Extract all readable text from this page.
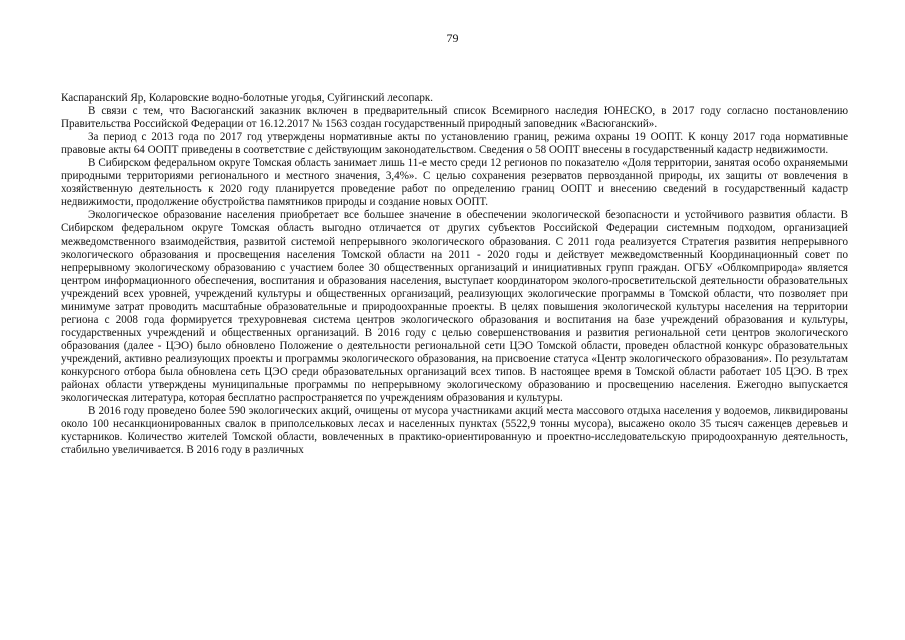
79

Каспаранский Яр, Коларовские водно-болотные угодья, Суйгинский лесопарк.

В связи с тем, что Васюганский заказник включен в предварительный список Всемирного наследия ЮНЕСКО, в 2017 году согласно постановлению Правительства Российской Федерации от 16.12.2017 № 1563 создан государственный природный заповедник «Васюганский».

За период с 2013 года по 2017 год утверждены нормативные акты по установлению границ, режима охраны 19 ООПТ. К концу 2017 года нормативные правовые акты 64 ООПТ приведены в соответствие с действующим законодательством. Сведения о 58 ООПТ внесены в государственный кадастр недвижимости.

В Сибирском федеральном округе Томская область занимает лишь 11-е место среди 12 регионов по показателю «Доля территории, занятая особо охраняемыми природными территориями регионального и местного значения, 3,4%». С целью сохранения резерватов первозданной природы, их защиты от вовлечения в хозяйственную деятельность к 2020 году планируется проведение работ по определению границ ООПТ и внесению сведений в государственный кадастр недвижимости, продолжение обустройства памятников природы и создание новых ООПТ.

Экологическое образование населения приобретает все большее значение в обеспечении экологической безопасности и устойчивого развития области. В Сибирском федеральном округе Томская область выгодно отличается от других субъектов Российской Федерации системным подходом, организацией межведомственного взаимодействия, развитой системой непрерывного экологического образования. С 2011 года реализуется Стратегия развития непрерывного экологического образования и просвещения населения Томской области на 2011 - 2020 годы и действует межведомственный Координационный совет по непрерывному экологическому образованию с участием более 30 общественных организаций и инициативных групп граждан. ОГБУ «Облкомприрода» является центром информационного обеспечения, воспитания и образования населения, выступает координатором эколого-просветительской деятельности образовательных учреждений всех уровней, учреждений культуры и общественных организаций, реализующих экологические программы в Томской области, что позволяет при минимуме затрат проводить масштабные образовательные и природоохранные проекты. В целях повышения экологической культуры населения на территории региона с 2008 года формируется трехуровневая система центров экологического образования и воспитания на базе учреждений образования и культуры, государственных учреждений и общественных организаций. В 2016 году с целью совершенствования и развития региональной сети центров экологического образования (далее - ЦЭО) было обновлено Положение о деятельности региональной сети ЦЭО Томской области, проведен областной конкурс образовательных учреждений, активно реализующих проекты и программы экологического образования, на присвоение статуса «Центр экологического образования». По результатам конкурсного отбора была обновлена сеть ЦЭО среди образовательных организаций всех типов. В настоящее время в Томской области работает 105 ЦЭО. В трех районах области утверждены муниципальные программы по непрерывному экологическому образованию и просвещению населения. Ежегодно выпускается экологическая литература, которая бесплатно распространяется по учреждениям образования и культуры.

В 2016 году проведено более 590 экологических акций, очищены от мусора участниками акций места массового отдыха населения у водоемов, ликвидированы около 100 несанкционированных свалок в приполсельковых лесах и населенных пунктах (5522,9 тонны мусора), высажено около 35 тысяч саженцев деревьев и кустарников. Количество жителей Томской области, вовлеченных в практико-ориентированную и проектно-исследовательскую природоохранную деятельность, стабильно увеличивается. В 2016 году в различных
